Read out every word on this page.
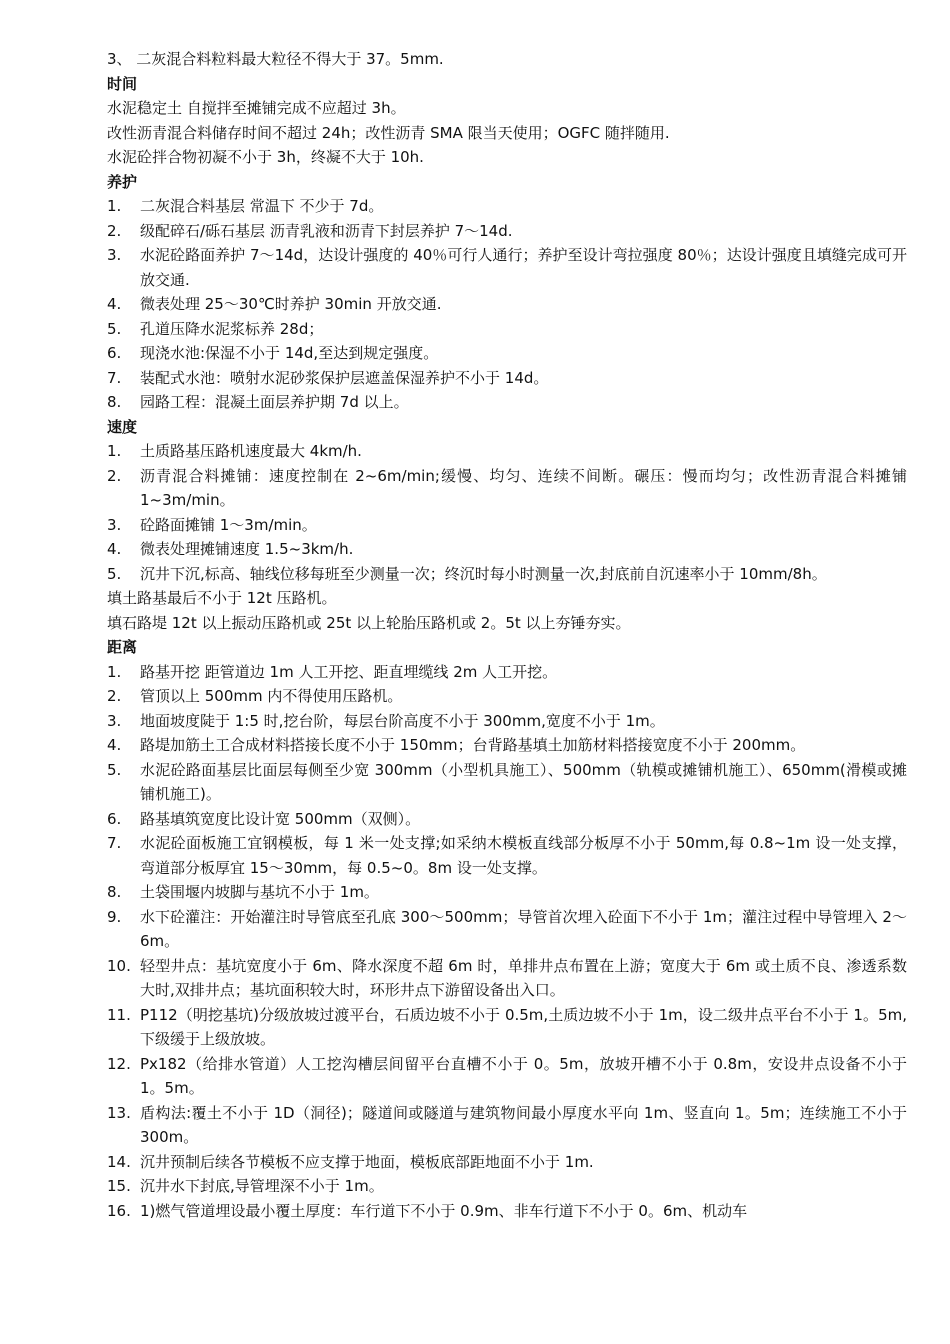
3、 二灰混合料粒料最大粒径不得大于 37。5mm.
时间
水泥稳定土 自搅拌至摊铺完成不应超过 3h。
改性沥青混合料储存时间不超过 24h；改性沥青 SMA 限当天使用；OGFC 随拌随用.
水泥砼拌合物初凝不小于 3h，终凝不大于 10h.
养护
1.	二灰混合料基层 常温下 不少于 7d。
2.	级配碎石/砾石基层 沥青乳液和沥青下封层养护 7～14d.
3.	水泥砼路面养护 7～14d，达设计强度的 40％可行人通行；养护至设计弯拉强度 80％；达设计强度且填缝完成可开放交通.
4.	微表处理 25～30℃时养护 30min 开放交通.
5.	孔道压降水泥浆标养 28d；
6.	现浇水池:保湿不小于 14d,至达到规定强度。
7.	装配式水池：喷射水泥砂浆保护层遮盖保湿养护不小于 14d。
8.	园路工程：混凝土面层养护期 7d 以上。
速度
1.	土质路基压路机速度最大 4km/h.
2.	沥青混合料摊铺：速度控制在 2~6m/min;缓慢、均匀、连续不间断。碾压：慢而均匀；改性沥青混合料摊铺 1~3m/min。
3.	砼路面摊铺 1～3m/min。
4.	微表处理摊铺速度 1.5~3km/h.
5.	沉井下沉,标高、轴线位移每班至少测量一次；终沉时每小时测量一次,封底前自沉速率小于 10mm/8h。
填土路基最后不小于 12t 压路机。
填石路堤 12t 以上振动压路机或 25t 以上轮胎压路机或 2。5t 以上夯锤夯实。
距离
1.	路基开挖 距管道边 1m 人工开挖、距直埋缆线 2m 人工开挖。
2.	管顶以上 500mm 内不得使用压路机。
3.	地面坡度陡于 1:5 时,挖台阶，每层台阶高度不小于 300mm,宽度不小于 1m。
4.	路堤加筋土工合成材料搭接长度不小于 150mm；台背路基填土加筋材料搭接宽度不小于 200mm。
5.	水泥砼路面基层比面层每侧至少宽 300mm（小型机具施工）、500mm（轨模或摊铺机施工）、650mm(滑模或摊铺机施工)。
6.	路基填筑宽度比设计宽 500mm（双侧）。
7.	水泥砼面板施工宜钢模板，每 1 米一处支撑;如采纳木模板直线部分板厚不小于 50mm,每 0.8~1m 设一处支撑，弯道部分板厚宜 15～30mm，每 0.5~0。8m 设一处支撑。
8.	土袋围堰内坡脚与基坑不小于 1m。
9.	水下砼灌注：开始灌注时导管底至孔底 300～500mm；导管首次埋入砼面下不小于 1m；灌注过程中导管埋入 2～6m。
10. 轻型井点：基坑宽度小于 6m、降水深度不超 6m 时，单排井点布置在上游；宽度大于 6m 或土质不良、渗透系数大时,双排井点；基坑面积较大时，环形井点下游留设备出入口。
11. P112（明挖基坑)分级放坡过渡平台，石质边坡不小于 0.5m,土质边坡不小于 1m，设二级井点平台不小于 1。5m,下级缓于上级放坡。
12. Px182（给排水管道）人工挖沟槽层间留平台直槽不小于 0。5m，放坡开槽不小于 0.8m，安设井点设备不小于 1。5m。
13. 盾构法:覆土不小于 1D（洞径)；隧道间或隧道与建筑物间最小厚度水平向 1m、竖直向 1。5m；连续施工不小于 300m。
14. 沉井预制后续各节模板不应支撑于地面，模板底部距地面不小于 1m.
15. 沉井水下封底,导管埋深不小于 1m。
16. 1)燃气管道埋设最小覆土厚度：车行道下不小于 0.9m、非车行道下不小于 0。6m、机动车
